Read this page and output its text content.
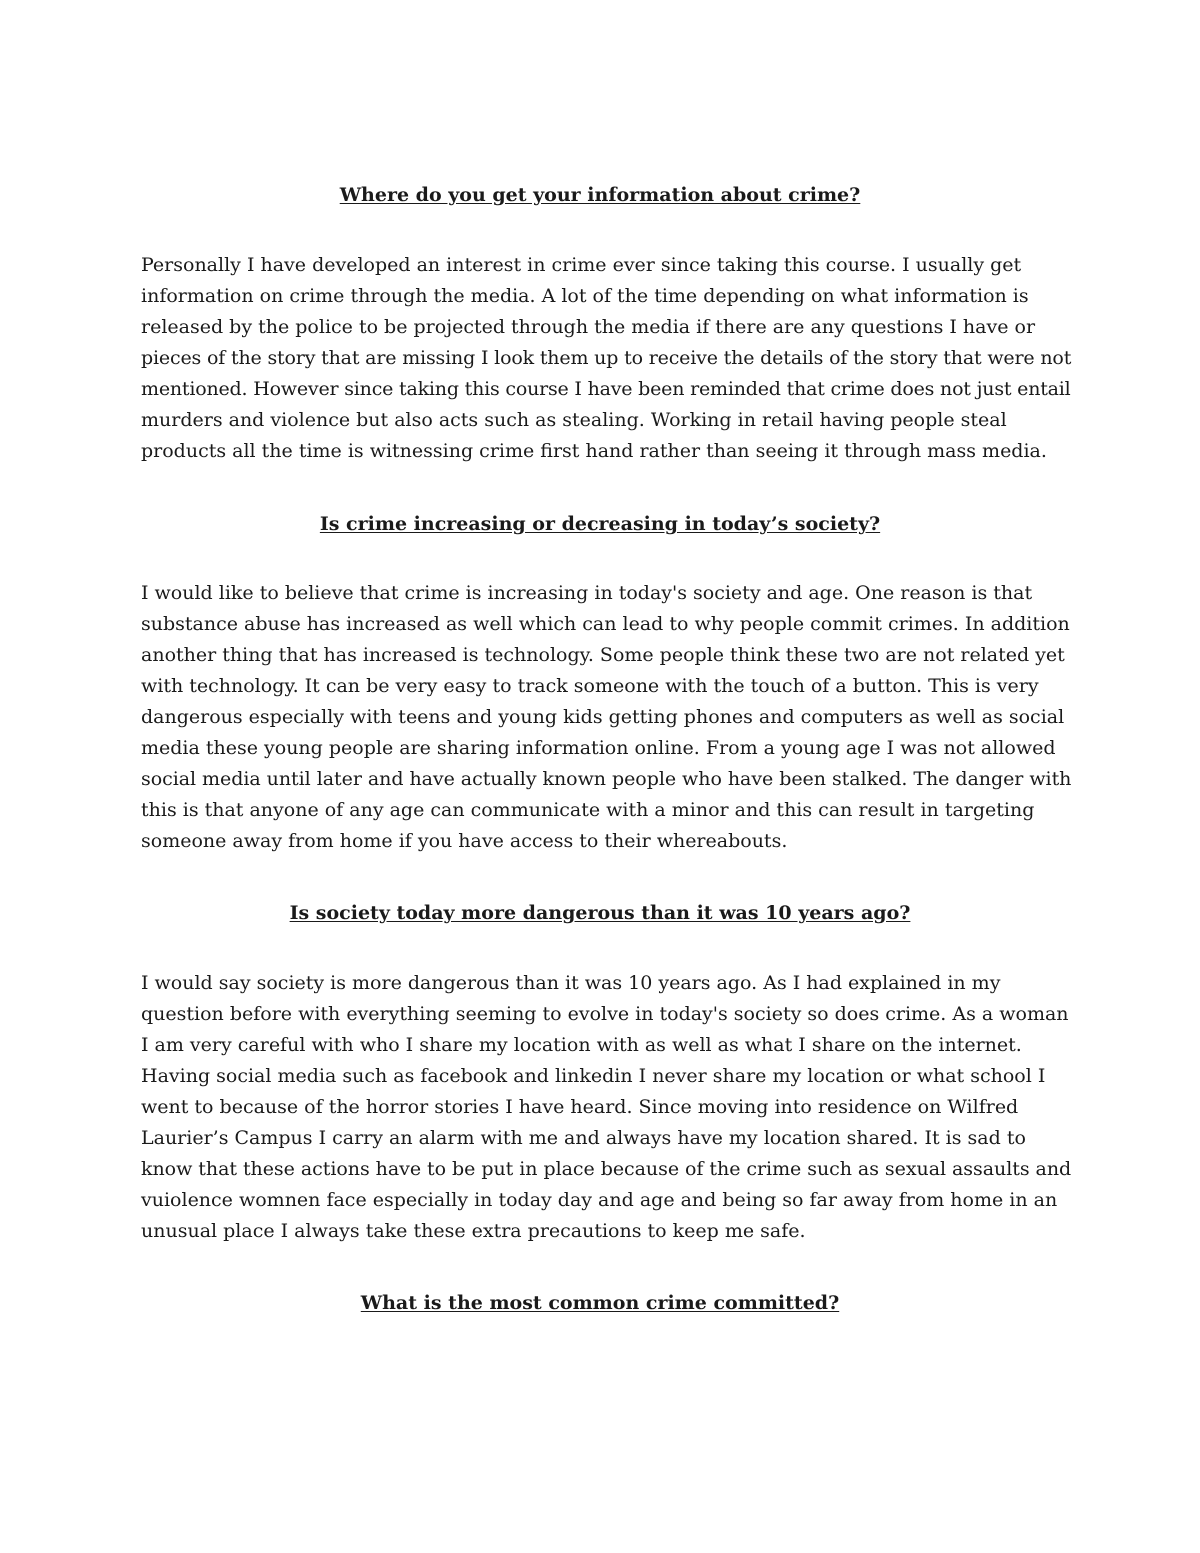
Where do you get your information about crime?
Personally I have developed an interest in crime ever since taking this course. I usually get
information on crime through the media. A lot of the time depending on what information is
released by the police to be projected through the media if there are any questions I have or
pieces of the story that are missing I look them up to receive the details of the story that were not
mentioned. However since taking this course I have been reminded that crime does not just entail
murders and violence but also acts such as stealing. Working in retail having people steal
products all the time is witnessing crime first hand rather than seeing it through mass media.
Is crime increasing or decreasing in today’s society?
I would like to believe that crime is increasing in today's society and age. One reason is that
substance abuse has increased as well which can lead to why people commit crimes. In addition
another thing that has increased is technology. Some people think these two are not related yet
with technology. It can be very easy to track someone with the touch of a button. This is very
dangerous especially with teens and young kids getting phones and computers as well as social
media these young people are sharing information online. From a young age I was not allowed
social media until later and have actually known people who have been stalked. The danger with
this is that anyone of any age can communicate with a minor and this can result in targeting
someone away from home if you have access to their whereabouts.
Is society today more dangerous than it was 10 years ago?
I would say society is more dangerous than it was 10 years ago. As I had explained in my
question before with everything seeming to evolve in today's society so does crime. As a woman
I am very careful with who I share my location with as well as what I share on the internet.
Having social media such as facebook and linkedin I never share my location or what school I
went to because of the horror stories I have heard. Since moving into residence on Wilfred
Laurier’s Campus I carry an alarm with me and always have my location shared. It is sad to
know that these actions have to be put in place because of the crime such as sexual assaults and
vuiolence womnen face especially in today day and age and being so far away from home in an
unusual place I always take these extra precautions to keep me safe.
What is the most common crime committed?
